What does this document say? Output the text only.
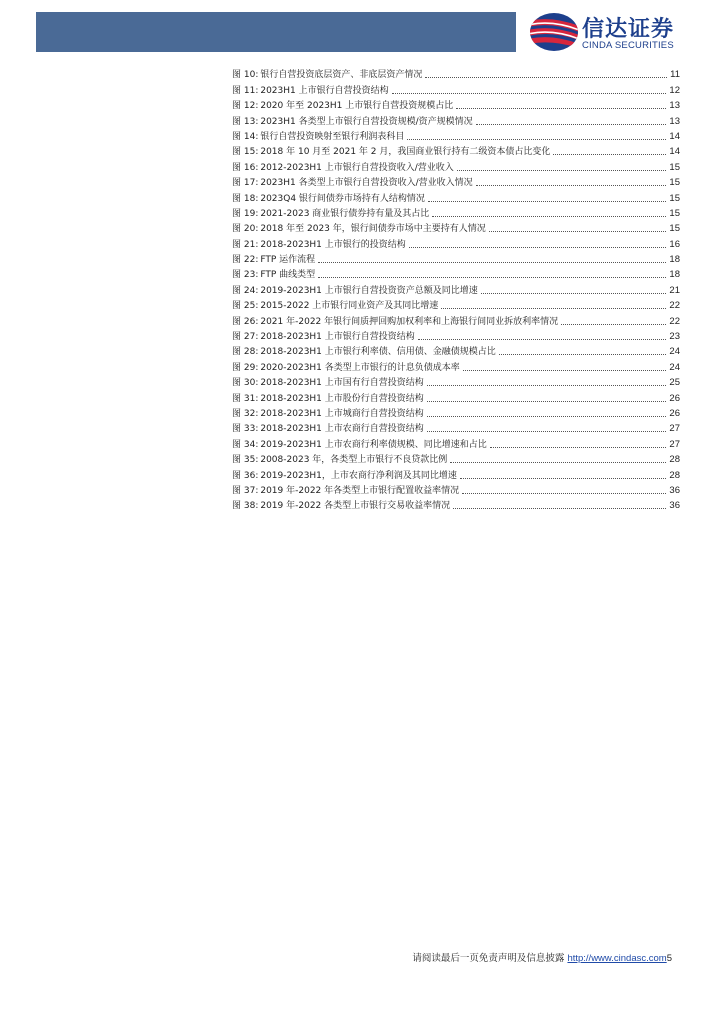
信达证券
CINDA SECURITIES
图 10: 银行自营投资底层资产、非底层资产情况	11
图 11: 2023H1 上市银行自营投资结构	12
图 12: 2020 年至 2023H1 上市银行自营投资规模占比	13
图 13: 2023H1 各类型上市银行自营投资规模/资产规模情况	13
图 14: 银行自营投资映射至银行利润表科目	14
图 15: 2018 年 10 月至 2021 年 2 月，我国商业银行持有二级资本债占比变化	14
图 16: 2012-2023H1 上市银行自营投资收入/营业收入	15
图 17: 2023H1 各类型上市银行自营投资收入/营业收入情况	15
图 18: 2023Q4 银行间债券市场持有人结构情况	15
图 19: 2021-2023 商业银行债券持有量及其占比	15
图 20: 2018 年至 2023 年，银行间债券市场中主要持有人情况	15
图 21: 2018-2023H1 上市银行的投资结构	16
图 22: FTP 运作流程	18
图 23: FTP 曲线类型	18
图 24: 2019-2023H1 上市银行自营投资资产总额及同比增速	21
图 25: 2015-2022 上市银行同业资产及其同比增速	22
图 26: 2021 年-2022 年银行间质押回购加权利率和上海银行间同业拆放利率情况	22
图 27: 2018-2023H1 上市银行自营投资结构	23
图 28: 2018-2023H1 上市银行利率债、信用债、金融债规模占比	24
图 29: 2020-2023H1 各类型上市银行的计息负债成本率	24
图 30: 2018-2023H1 上市国有行自营投资结构	25
图 31: 2018-2023H1 上市股份行自营投资结构	26
图 32: 2018-2023H1 上市城商行自营投资结构	26
图 33: 2018-2023H1 上市农商行自营投资结构	27
图 34: 2019-2023H1 上市农商行利率债规模、同比增速和占比	27
图 35: 2008-2023 年，各类型上市银行不良贷款比例	28
图 36: 2019-2023H1，上市农商行净利润及其同比增速	28
图 37: 2019 年-2022 年各类型上市银行配置收益率情况	36
图 38: 2019 年-2022 各类型上市银行交易收益率情况	36
请阅读最后一页免责声明及信息披露 http://www.cindasc.com5
